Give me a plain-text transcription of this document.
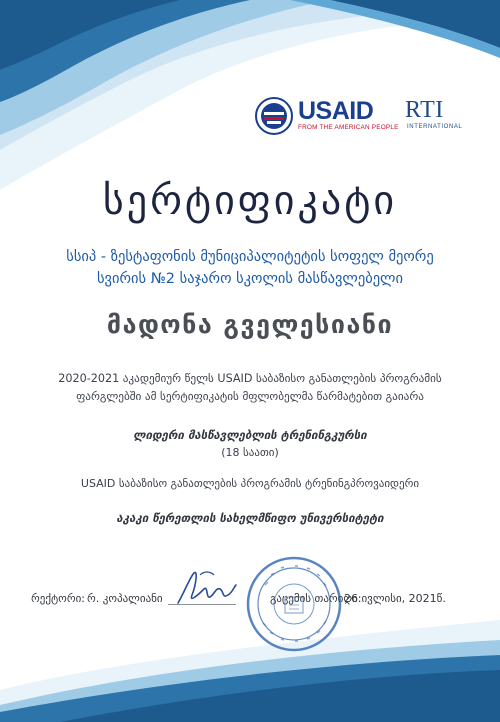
USAID
FROM THE AMERICAN PEOPLE
RTI
INTERNATIONAL
სერტიფიკატი
სსიპ - ზესტაფონის მუნიციპალიტეტის სოფელ მეორე
სვირის №2 საჯარო სკოლის მასწავლებელი
მადონა გველესიანი
2020-2021 აკადემიურ წელს USAID საბაზისო განათლების პროგრამის
ფარგლებში ამ სერტიფიკატის მფლობელმა წარმატებით გაიარა
ლიდერი მასწავლებლის ტრენინგკურსი
(18 საათი)
USAID საბაზისო განათლების პროგრამის ტრენინგპროვაიდერი
აკაკი წერეთლის სახელმწიფო უნივერსიტეტი
რექტორი: რ. კოპალიანი	გაცემის თარიღი:
26 ივლისი, 2021წ.
